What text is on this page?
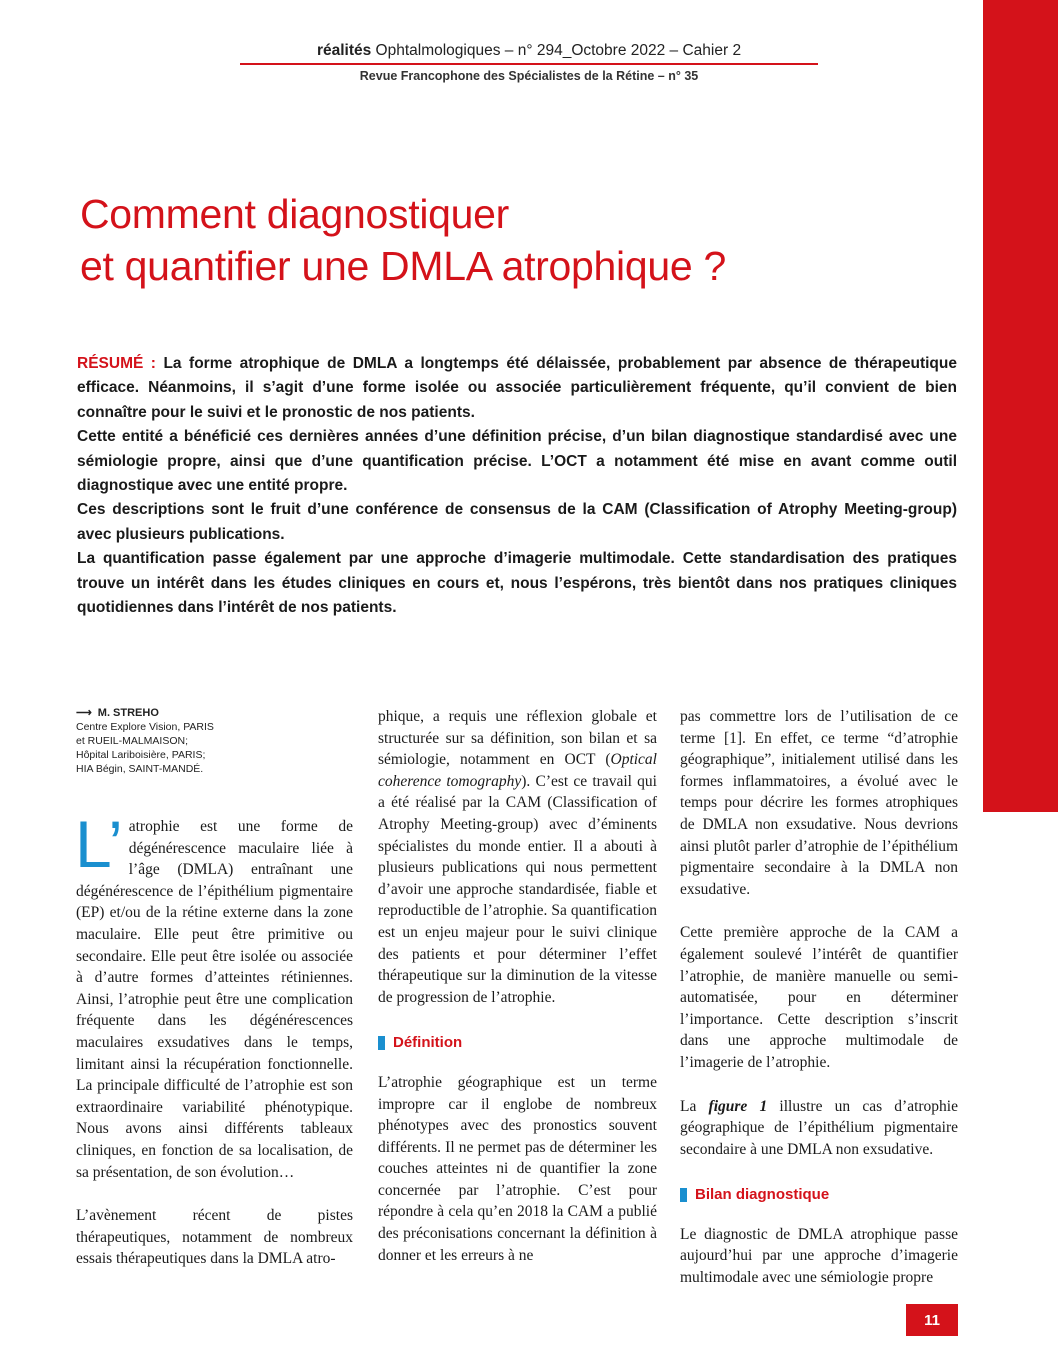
réalités Ophtalmologiques – n° 294_Octobre 2022 – Cahier 2
Revue Francophone des Spécialistes de la Rétine – n° 35
Comment diagnostiquer
et quantifier une DMLA atrophique ?

RÉSUMÉ : La forme atrophique de DMLA a longtemps été délaissée, probablement par absence de thérapeutique efficace. Néanmoins, il s’agit d’une forme isolée ou associée particulièrement fréquente, qu’il convient de bien connaître pour le suivi et le pronostic de nos patients.

Cette entité a bénéficié ces dernières années d’une définition précise, d’un bilan diagnostique standardisé avec une sémiologie propre, ainsi que d’une quantification précise. L’OCT a notamment été mise en avant comme outil diagnostique avec une entité propre.

Ces descriptions sont le fruit d’une conférence de consensus de la CAM (Classification of Atrophy Meeting-group) avec plusieurs publications.

La quantification passe également par une approche d’imagerie multimodale. Cette standardisation des pratiques trouve un intérêt dans les études cliniques en cours et, nous l’espérons, très bientôt dans nos pratiques cliniques quotidiennes dans l’intérêt de nos patients.

⟶ M. STREHO
Centre Explore Vision, PARIS
et RUEIL-MALMAISON;
Hôpital Lariboisière, PARIS;
HIA Bégin, SAINT-MANDÉ.

L’ atrophie est une forme de dégénérescence maculaire liée à l’âge (DMLA) entraînant une dégénérescence de l’épithélium pigmentaire (EP) et/ou de la rétine externe dans la zone maculaire. Elle peut être primitive ou secondaire. Elle peut être isolée ou associée à d’autre formes d’atteintes rétiniennes. Ainsi, l’atrophie peut être une complication fréquente dans les dégénérescences maculaires exsudatives dans le temps, limitant ainsi la récupération fonctionnelle. La principale difficulté de l’atrophie est son extraordinaire variabilité phénotypique. Nous avons ainsi différents tableaux cliniques, en fonction de sa localisation, de sa présentation, de son évolution…

L’avènement récent de pistes thérapeutiques, notamment de nombreux essais thérapeutiques dans la DMLA atro-

phique, a requis une réflexion globale et structurée sur sa définition, son bilan et sa sémiologie, notamment en OCT (Optical coherence tomography). C’est ce travail qui a été réalisé par la CAM (Classification of Atrophy Meeting-group) avec d’éminents spécialistes du monde entier. Il a abouti à plusieurs publications qui nous permettent d’avoir une approche standardisée, fiable et reproductible de l’atrophie. Sa quantification est un enjeu majeur pour le suivi clinique des patients et pour déterminer l’effet thérapeutique sur la diminution de la vitesse de progression de l’atrophie.

Définition

L’atrophie géographique est un terme impropre car il englobe de nombreux phénotypes avec des pronostics souvent différents. Il ne permet pas de déterminer les couches atteintes ni de quantifier la zone concernée par l’atrophie. C’est pour répondre à cela qu’en 2018 la CAM a publié des préconisations concernant la définition à donner et les erreurs à ne

pas commettre lors de l’utilisation de ce terme [1]. En effet, ce terme “d’atrophie géographique”, initialement utilisé dans les formes inflammatoires, a évolué avec le temps pour décrire les formes atrophiques de DMLA non exsudative. Nous devrions ainsi plutôt parler d’atrophie de l’épithélium pigmentaire secondaire à la DMLA non exsudative.

Cette première approche de la CAM a également soulevé l’intérêt de quantifier l’atrophie, de manière manuelle ou semi-automatisée, pour en déterminer l’importance. Cette description s’inscrit dans une approche multimodale de l’imagerie de l’atrophie.

La figure 1 illustre un cas d’atrophie géographique de l’épithélium pigmentaire secondaire à une DMLA non exsudative.

Bilan diagnostique

Le diagnostic de DMLA atrophique passe aujourd’hui par une approche d’imagerie multimodale avec une sémiologie propre

11
